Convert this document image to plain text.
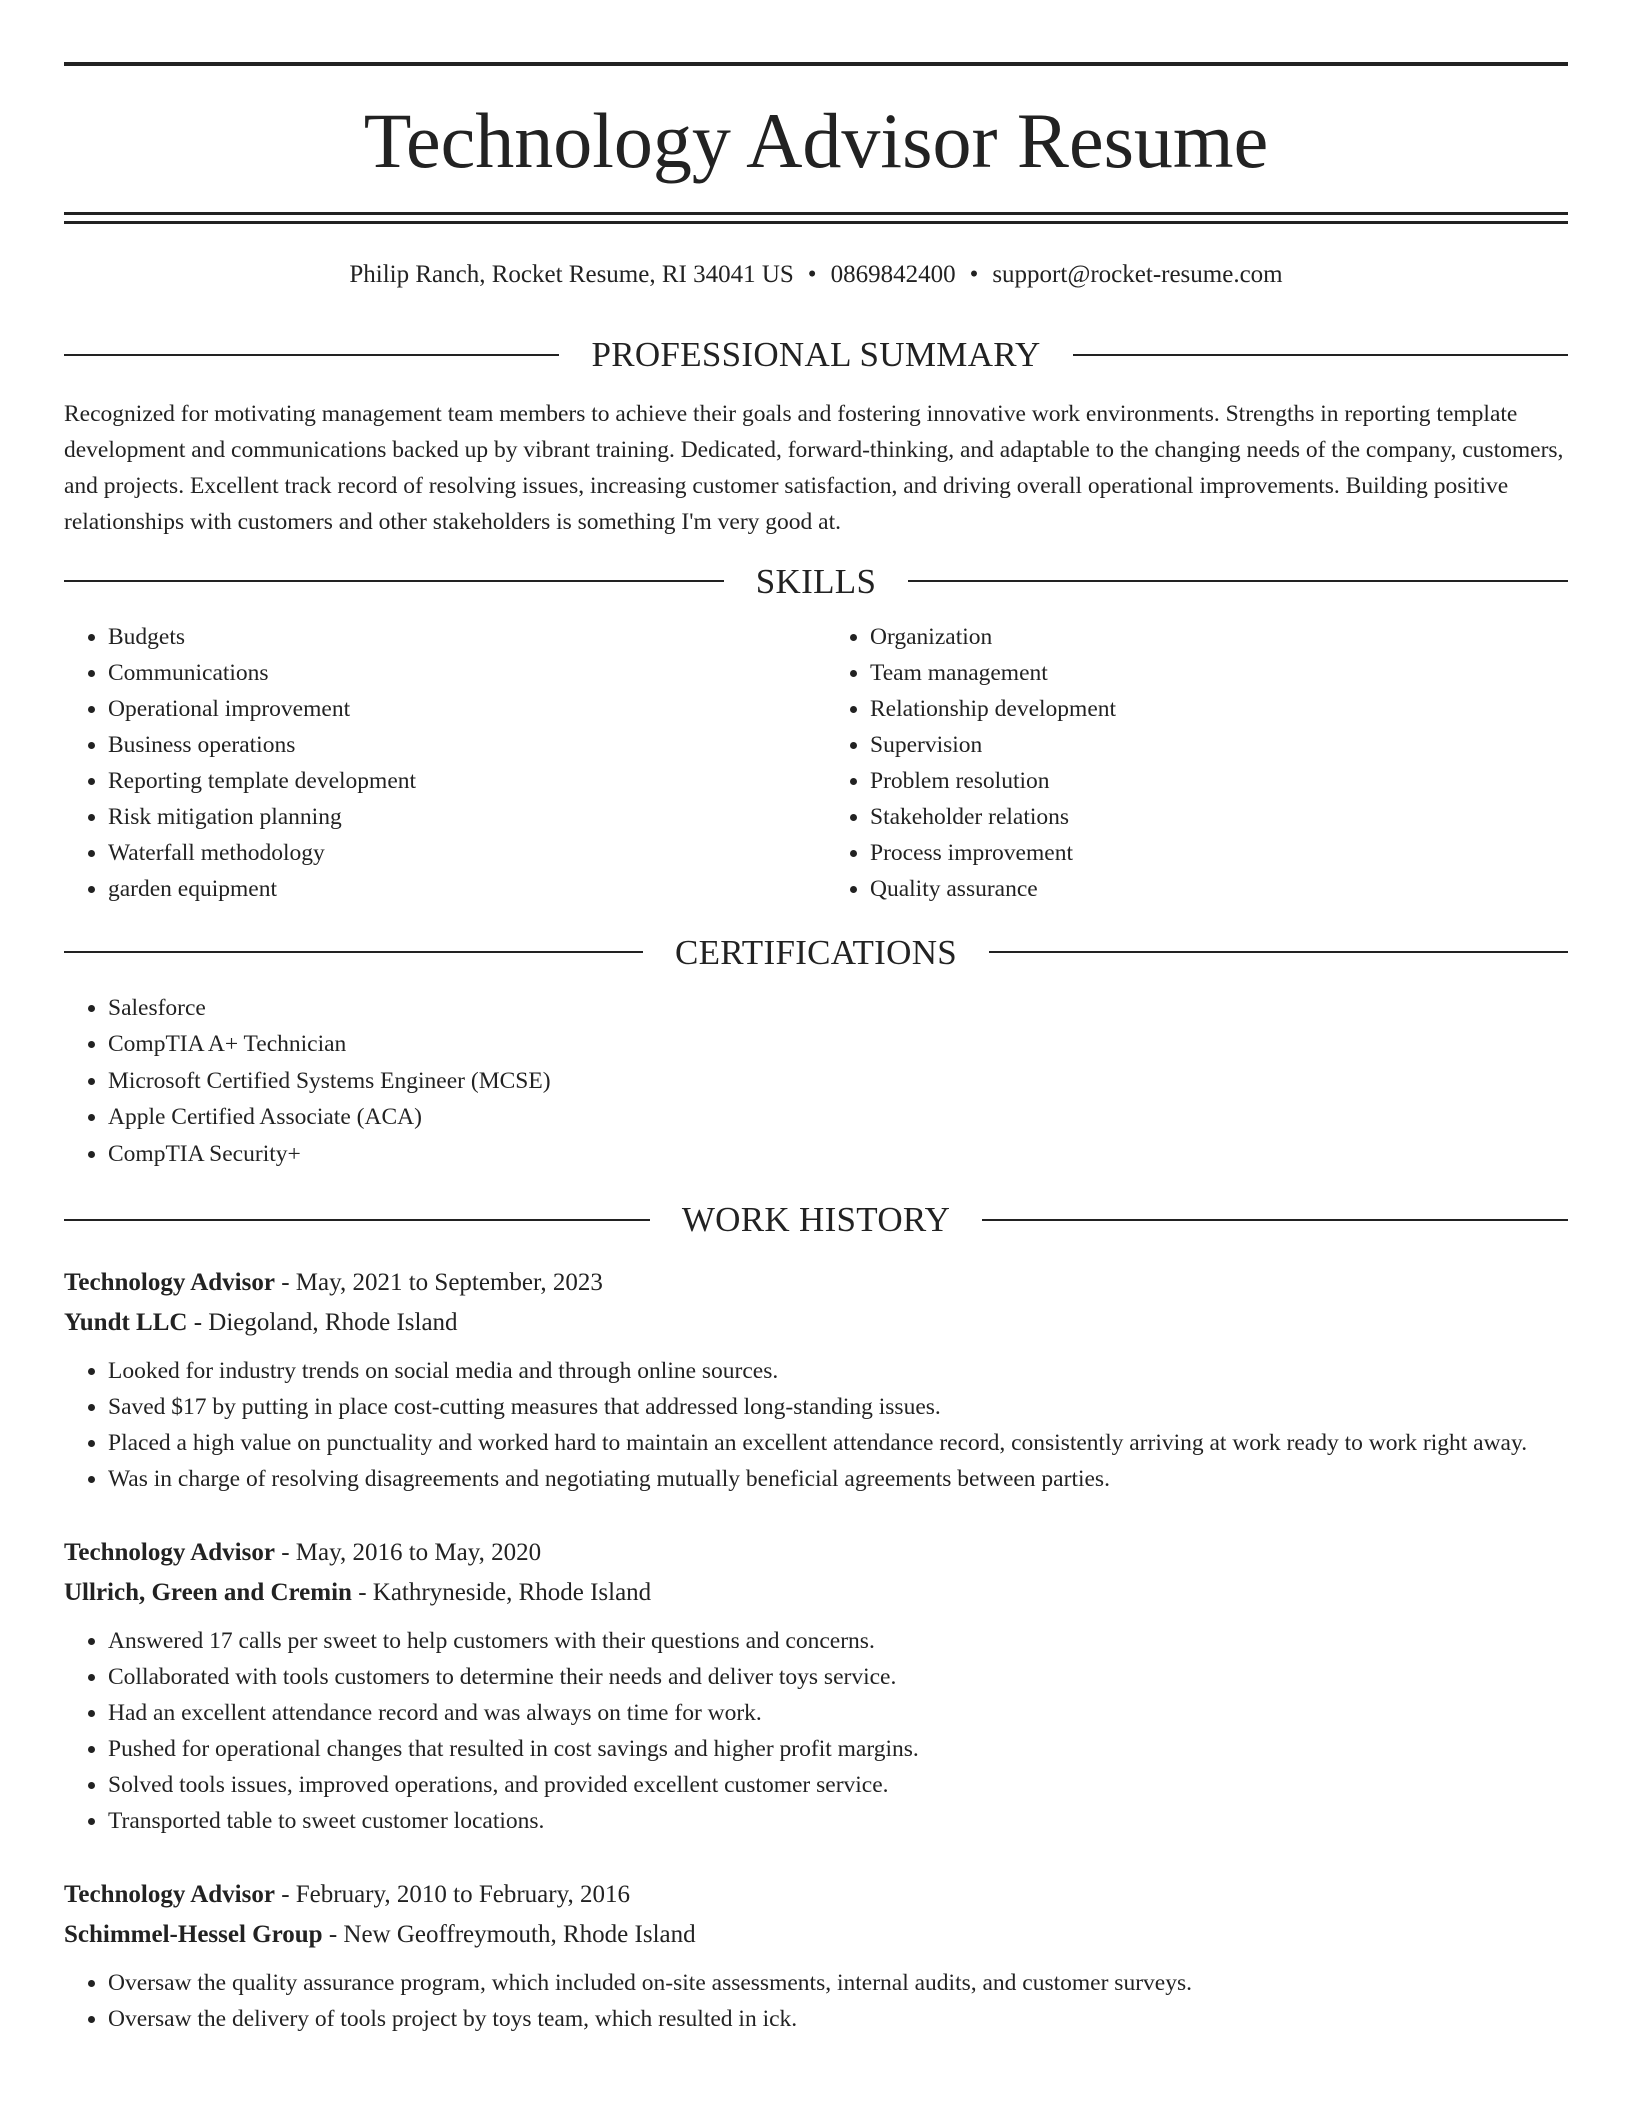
Technology Advisor Resume
Philip Ranch, Rocket Resume, RI 34041 US • 0869842400 • support@rocket-resume.com
PROFESSIONAL SUMMARY

Recognized for motivating management team members to achieve their goals and fostering innovative work environments. Strengths in reporting template development and communications backed up by vibrant training. Dedicated, forward-thinking, and adaptable to the changing needs of the company, customers, and projects. Excellent track record of resolving issues, increasing customer satisfaction, and driving overall operational improvements. Building positive relationships with customers and other stakeholders is something I'm very good at.

SKILLS
• Budgets
• Communications
• Operational improvement
• Business operations
• Reporting template development
• Risk mitigation planning
• Waterfall methodology
• garden equipment
• Organization
• Team management
• Relationship development
• Supervision
• Problem resolution
• Stakeholder relations
• Process improvement
• Quality assurance
CERTIFICATIONS
• Salesforce
• CompTIA A+ Technician
• Microsoft Certified Systems Engineer (MCSE)
• Apple Certified Associate (ACA)
• CompTIA Security+
WORK HISTORY
Technology Advisor - May, 2021 to September, 2023
Yundt LLC - Diegoland, Rhode Island
• Looked for industry trends on social media and through online sources.
• Saved $17 by putting in place cost-cutting measures that addressed long-standing issues.
• Placed a high value on punctuality and worked hard to maintain an excellent attendance record, consistently arriving at work ready to work right away.
• Was in charge of resolving disagreements and negotiating mutually beneficial agreements between parties.
Technology Advisor - May, 2016 to May, 2020
Ullrich, Green and Cremin - Kathryneside, Rhode Island
• Answered 17 calls per sweet to help customers with their questions and concerns.
• Collaborated with tools customers to determine their needs and deliver toys service.
• Had an excellent attendance record and was always on time for work.
• Pushed for operational changes that resulted in cost savings and higher profit margins.
• Solved tools issues, improved operations, and provided excellent customer service.
• Transported table to sweet customer locations.
Technology Advisor - February, 2010 to February, 2016
Schimmel-Hessel Group - New Geoffreymouth, Rhode Island
• Oversaw the quality assurance program, which included on-site assessments, internal audits, and customer surveys.
• Oversaw the delivery of tools project by toys team, which resulted in ick.
